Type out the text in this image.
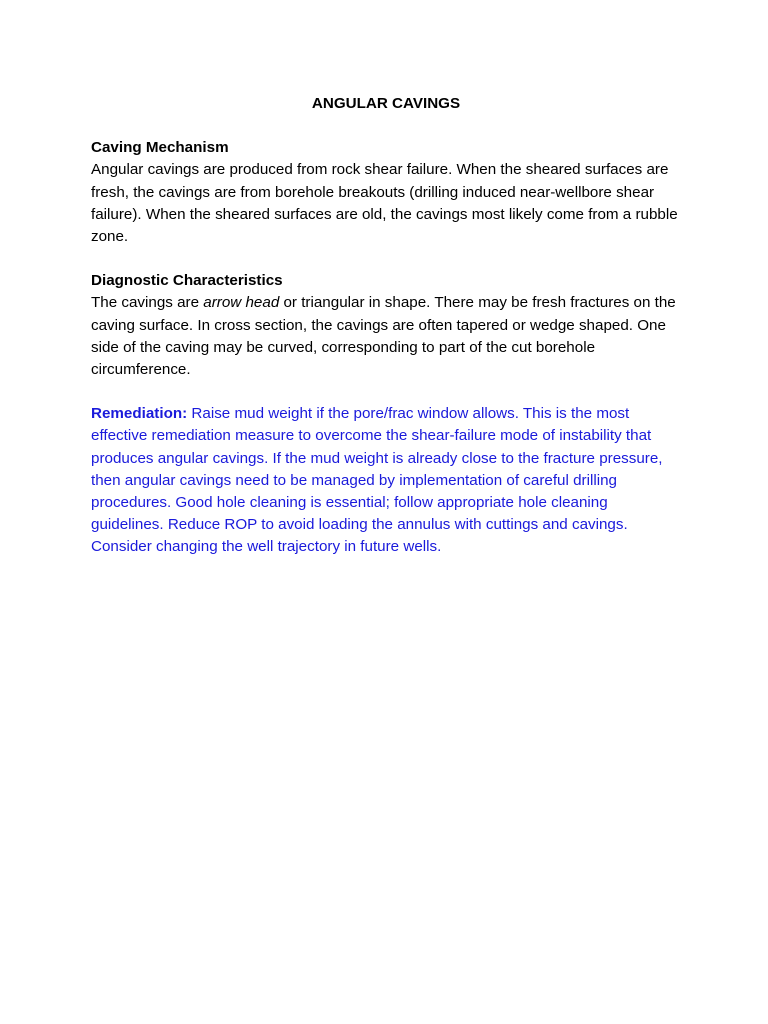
ANGULAR CAVINGS

Caving Mechanism

Angular cavings are produced from rock shear failure. When the sheared surfaces are fresh, the cavings are from borehole breakouts (drilling induced near-wellbore shear failure). When the sheared surfaces are old, the cavings most likely come from a rubble zone.

Diagnostic Characteristics

The cavings are arrow head or triangular in shape. There may be fresh fractures on the caving surface. In cross section, the cavings are often tapered or wedge shaped. One side of the caving may be curved, corresponding to part of the cut borehole circumference.

Remediation: Raise mud weight if the pore/frac window allows. This is the most effective remediation measure to overcome the shear-failure mode of instability that produces angular cavings. If the mud weight is already close to the fracture pressure, then angular cavings need to be managed by implementation of careful drilling procedures. Good hole cleaning is essential; follow appropriate hole cleaning guidelines. Reduce ROP to avoid loading the annulus with cuttings and cavings. Consider changing the well trajectory in future wells.
